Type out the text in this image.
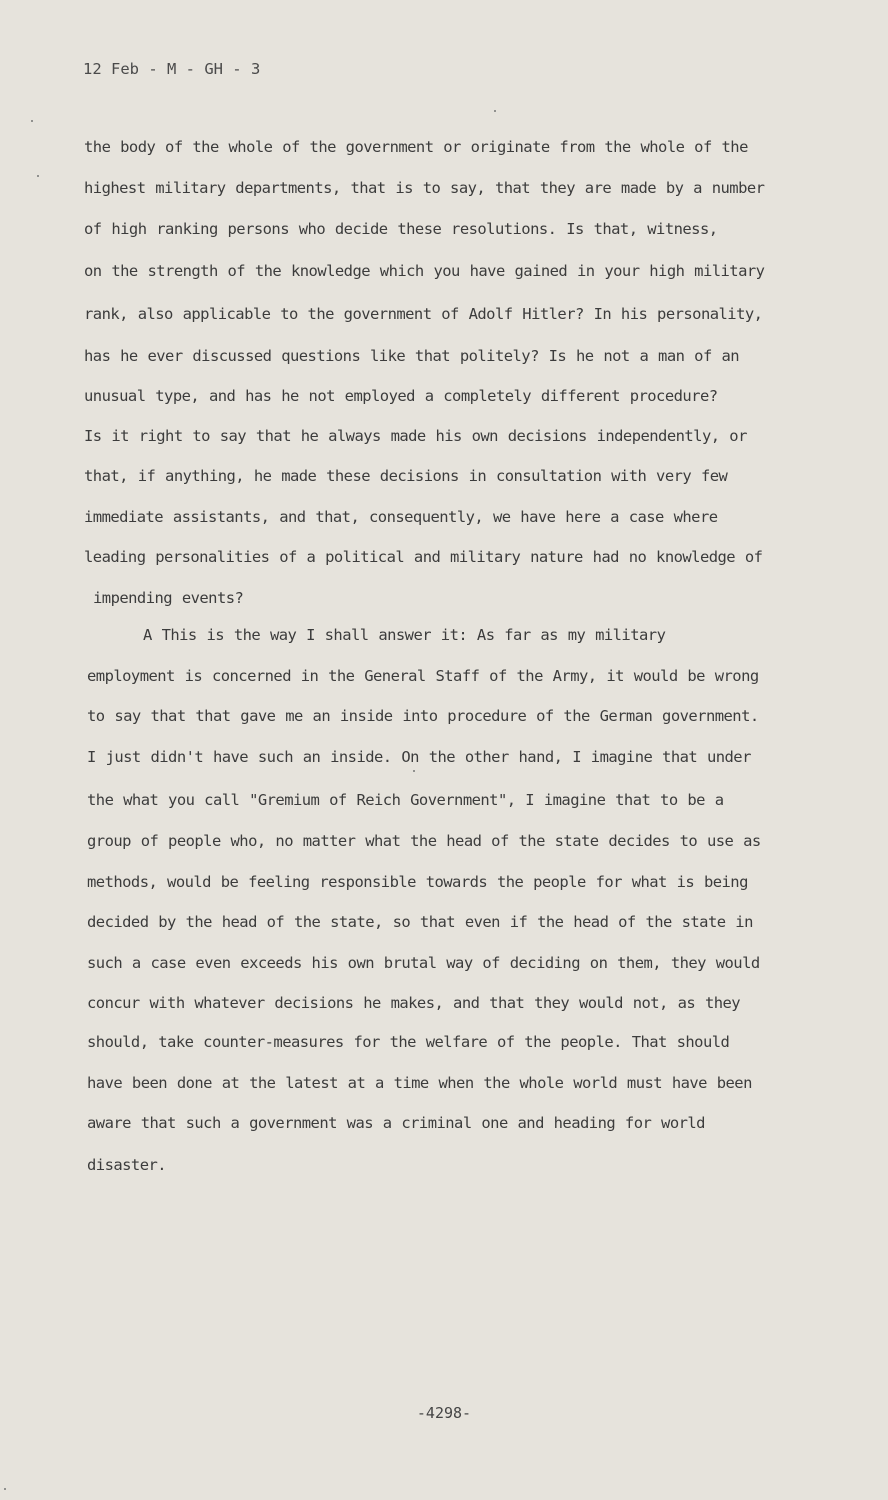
12 Feb - M - GH - 3
the body of the whole of the government or originate from the whole of the
highest military departments, that is to say, that they are made by a number
of high ranking persons who decide these resolutions. Is that, witness,
on the strength of the knowledge which you have gained in your high military
rank, also applicable to the government of Adolf Hitler? In his personality,
has he ever discussed questions like that politely? Is he not a man of an
unusual type, and has he not employed a completely different procedure?
Is it right to say that he always made his own decisions independently, or
that, if anything, he made these decisions in consultation with very few
immediate assistants, and that, consequently, we have here a case where
leading personalities of a political and military nature had no knowledge of
impending events?
A This is the way I shall answer it: As far as my military
employment is concerned in the General Staff of the Army, it would be wrong
to say that that gave me an inside into procedure of the German government.
I just didn't have such an inside. On the other hand, I imagine that under
the what you call "Gremium of Reich Government", I imagine that to be a
group of people who, no matter what the head of the state decides to use as
methods, would be feeling responsible towards the people for what is being
decided by the head of the state, so that even if the head of the state in
such a case even exceeds his own brutal way of deciding on them, they would
concur with whatever decisions he makes, and that they would not, as they
should, take counter-measures for the welfare of the people. That should
have been done at the latest at a time when the whole world must have been
aware that such a government was a criminal one and heading for world
disaster.
-4298-
